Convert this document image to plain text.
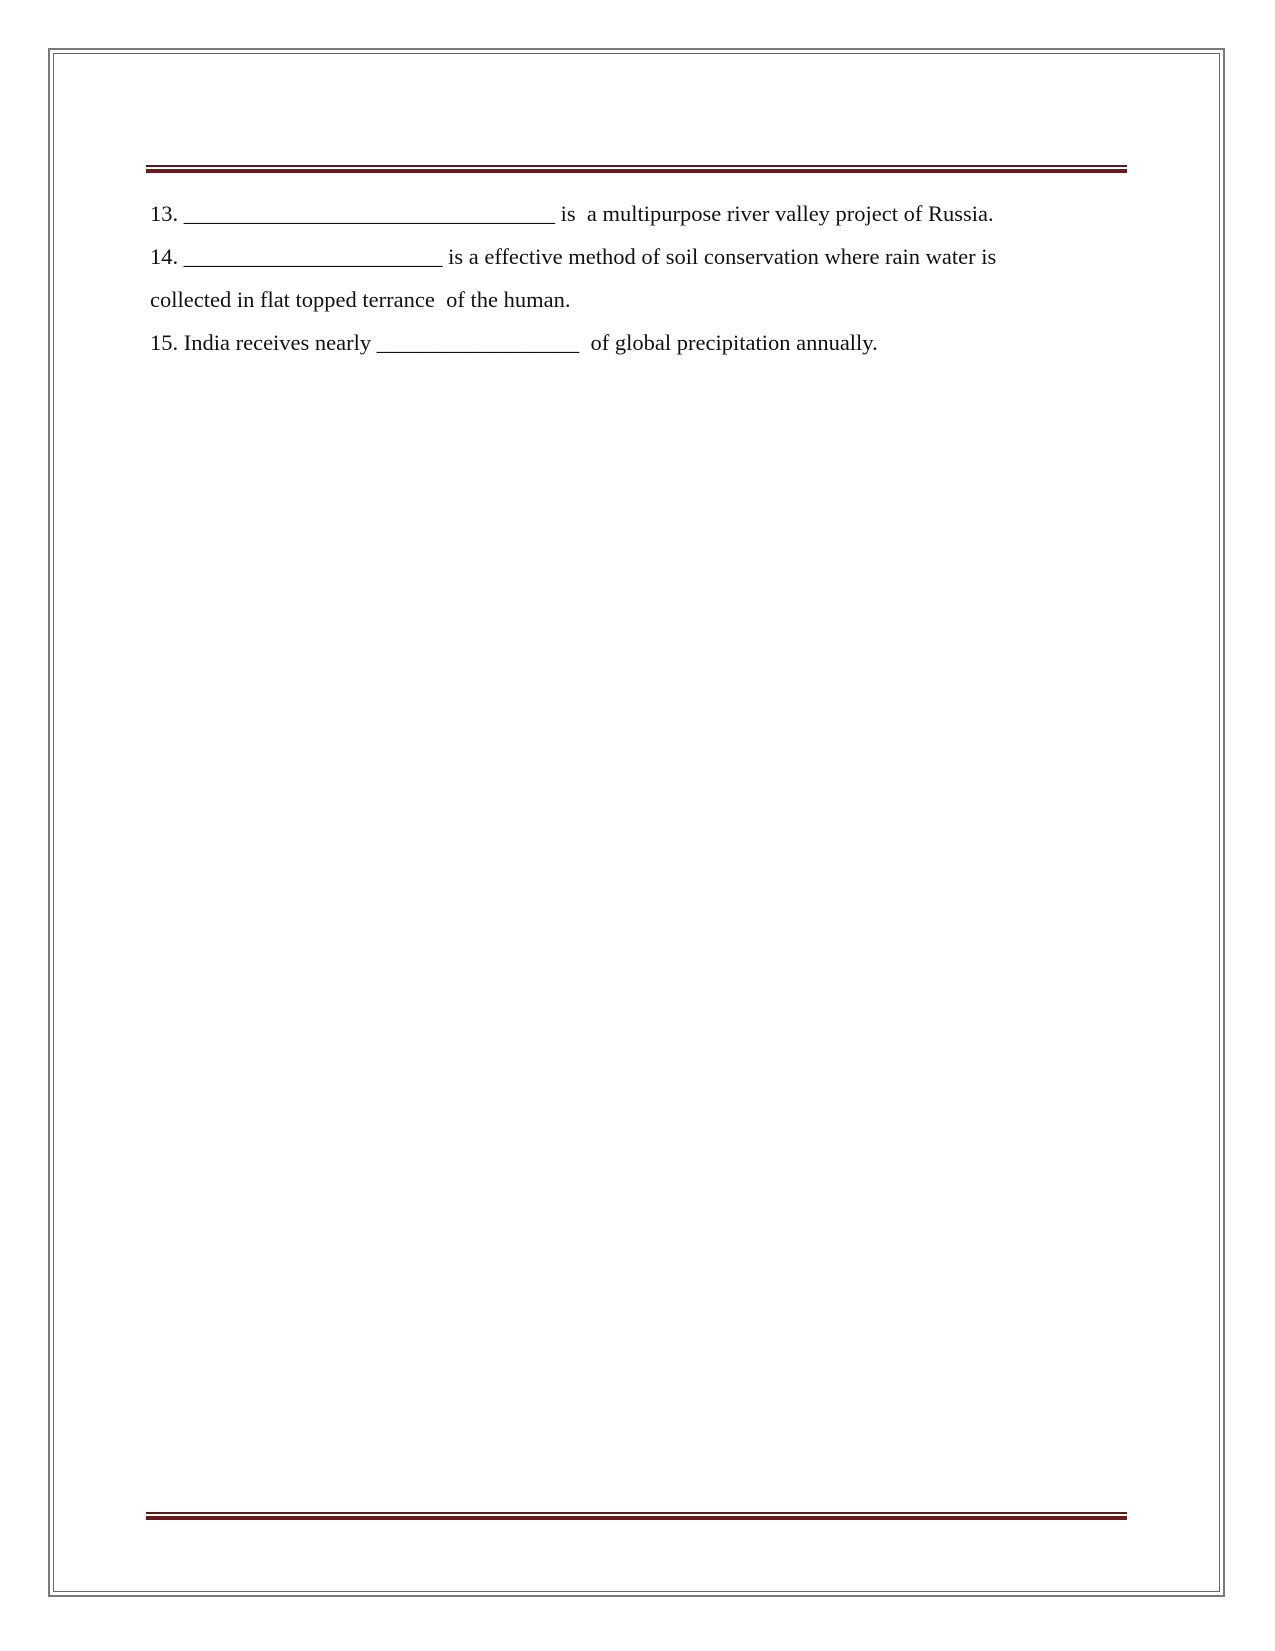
13. _________________________________ is  a multipurpose river valley project of Russia.
14. _______________________ is a effective method of soil conservation where rain water is
collected in flat topped terrance  of the human.
15. India receives nearly __________________  of global precipitation annually.
